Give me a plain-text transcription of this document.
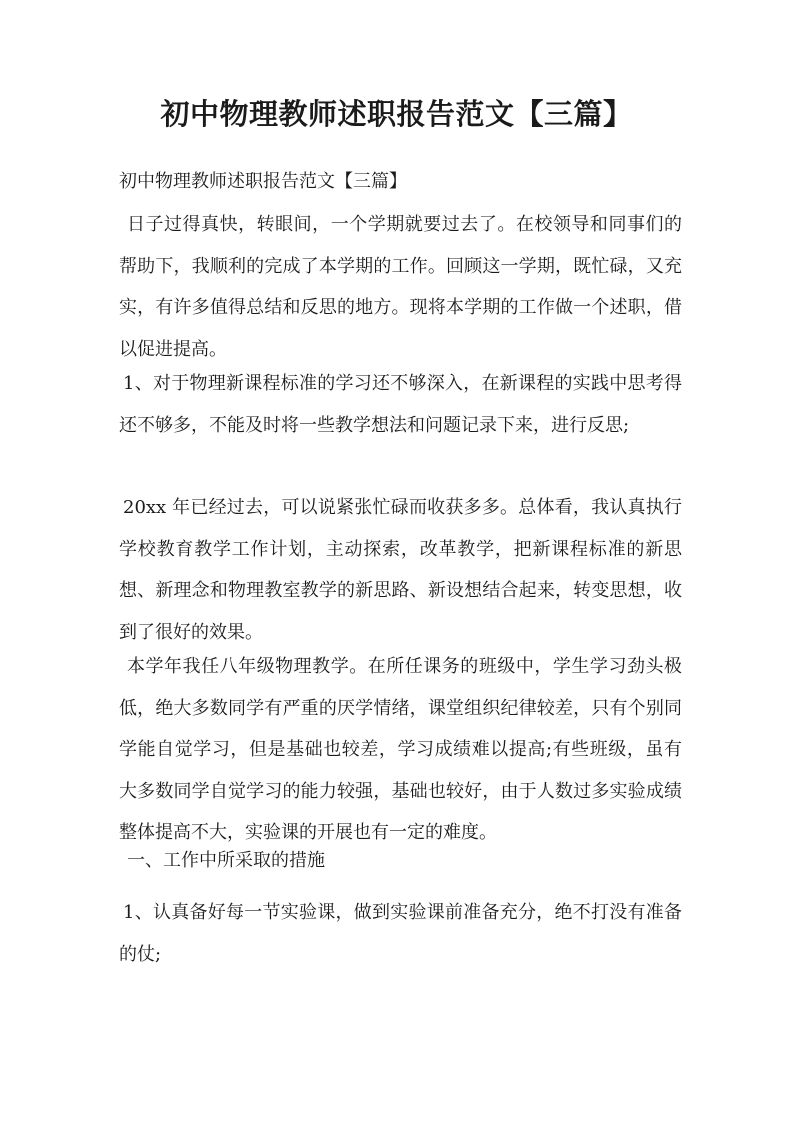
初中物理教师述职报告范文【三篇】
初中物理教师述职报告范文【三篇】
日子过得真快，转眼间，一个学期就要过去了。在校领导和同事们的帮助下，我顺利的完成了本学期的工作。回顾这一学期，既忙碌，又充实，有许多值得总结和反思的地方。现将本学期的工作做一个述职，借以促进提高。
1、对于物理新课程标准的学习还不够深入，在新课程的实践中思考得还不够多，不能及时将一些教学想法和问题记录下来，进行反思;
20xx 年已经过去，可以说紧张忙碌而收获多多。总体看，我认真执行学校教育教学工作计划，主动探索，改革教学，把新课程标准的新思想、新理念和物理教室教学的新思路、新设想结合起来，转变思想，收到了很好的效果。
本学年我任八年级物理教学。在所任课务的班级中，学生学习劲头极低，绝大多数同学有严重的厌学情绪，课堂组织纪律较差，只有个别同学能自觉学习，但是基础也较差，学习成绩难以提高;有些班级，虽有大多数同学自觉学习的能力较强，基础也较好，由于人数过多实验成绩整体提高不大，实验课的开展也有一定的难度。
一、工作中所采取的措施
1、认真备好每一节实验课，做到实验课前准备充分，绝不打没有准备的仗;
